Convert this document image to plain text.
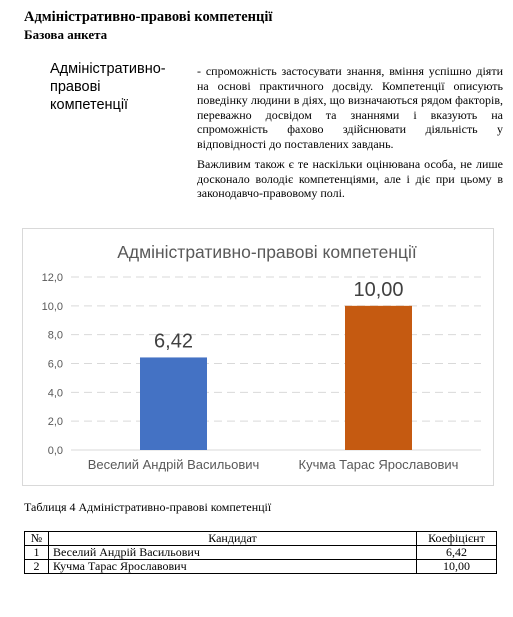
Адміністративно-правові компетенції
Базова анкета
Адміністративно-правові компетенції
- спроможність застосувати знання, вміння успішно діяти на основі практичного досвіду. Компетенції описують поведінку людини в діях, що визначаються рядом факторів, переважно досвідом та знаннями і вказують на спроможність фахово здійснювати діяльність у відповідності до поставлених завдань.
Важливим також є те наскільки оцінювана особа, не лише досконало володіє компетенціями, але і діє при цьому в законодавчо-правовому полі.
Адміністративно-правові компетенції
0,0
2,0
4,0
6,0
8,0
10,0
12,0
6,42
Веселий Андрій Васильович
10,00
Кучма Тарас Ярославович
Таблиця 4 Адміністративно-правові компетенції
№	Кандидат	Коефіцієнт
1	Веселий Андрій Васильович	6,42
2	Кучма Тарас Ярославович	10,00
